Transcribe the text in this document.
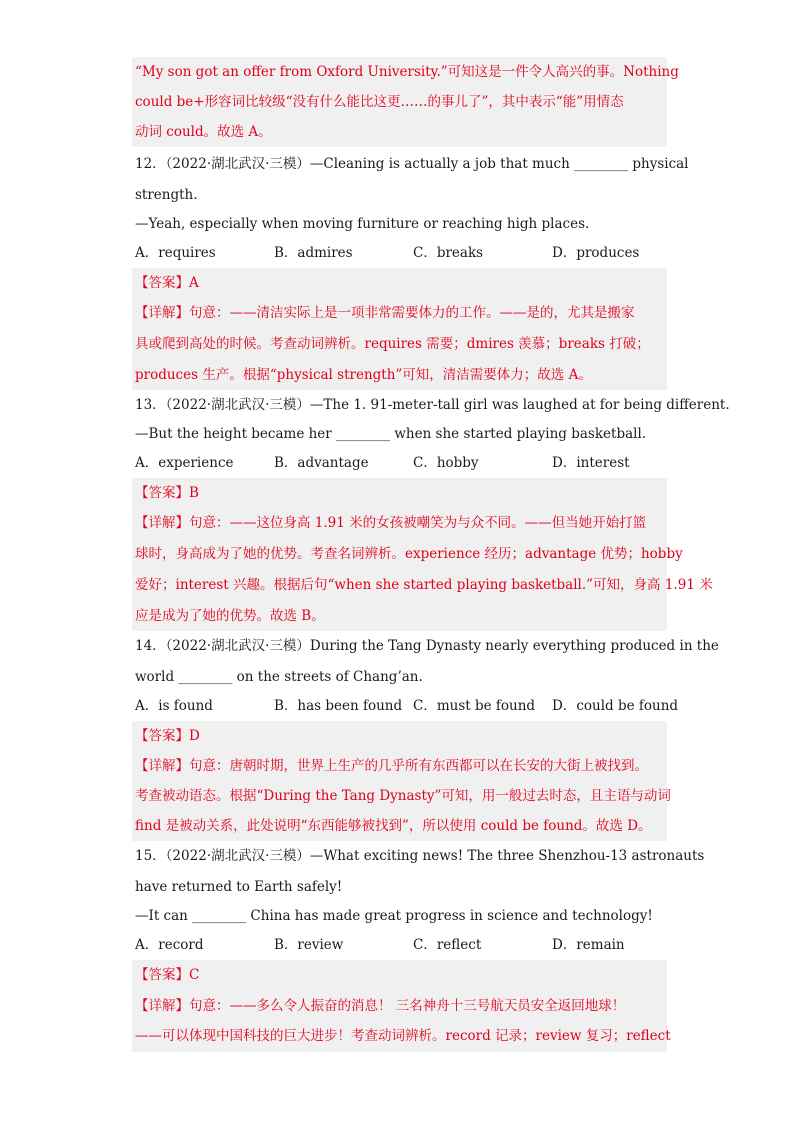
“My son got an offer from Oxford University.”可知这是一件令人高兴的事。Nothing
could be+形容词比较级“没有什么能比这更……的事儿了”，其中表示“能”用情态
动词 could。故选 A。
12．（2022·湖北武汉·三模）—Cleaning is actually a job that much ________ physical
strength.
—Yeah, especially when moving furniture or reaching high places.
A．requires	B．admires	C．breaks	D．produces
【答案】A
【详解】句意：——清洁实际上是一项非常需要体力的工作。——是的，尤其是搬家
具或爬到高处的时候。考查动词辨析。requires 需要；dmires 羡慕；breaks 打破；
produces 生产。根据“physical strength”可知，清洁需要体力；故选 A。
13．（2022·湖北武汉·三模）—The 1. 91-meter-tall girl was laughed at for being different.
—But the height became her ________ when she started playing basketball.
A．experience	B．advantage	C．hobby	D．interest
【答案】B
【详解】句意：——这位身高 1.91 米的女孩被嘲笑为与众不同。——但当她开始打篮
球时，身高成为了她的优势。考查名词辨析。experience 经历；advantage 优势；hobby
爱好；interest 兴趣。根据后句“when she started playing basketball.”可知，身高 1.91 米
应是成为了她的优势。故选 B。
14．（2022·湖北武汉·三模）During the Tang Dynasty nearly everything produced in the
world ________ on the streets of Chang’an.
A．is found	B．has been found C．must be found D．could be found
【答案】D
【详解】句意：唐朝时期，世界上生产的几乎所有东西都可以在长安的大街上被找到。
考查被动语态。根据“During the Tang Dynasty”可知，用一般过去时态，且主语与动词
find 是被动关系，此处说明“东西能够被找到”，所以使用 could be found。故选 D。
15．（2022·湖北武汉·三模）—What exciting news! The three Shenzhou-13 astronauts
have returned to Earth safely!
—It can ________ China has made great progress in science and technology!
A．record	B．review	C．reflect	D．remain
【答案】C
【详解】句意：——多么令人振奋的消息！ 三名神舟十三号航天员安全返回地球！
——可以体现中国科技的巨大进步！考查动词辨析。record 记录；review 复习；reflect
